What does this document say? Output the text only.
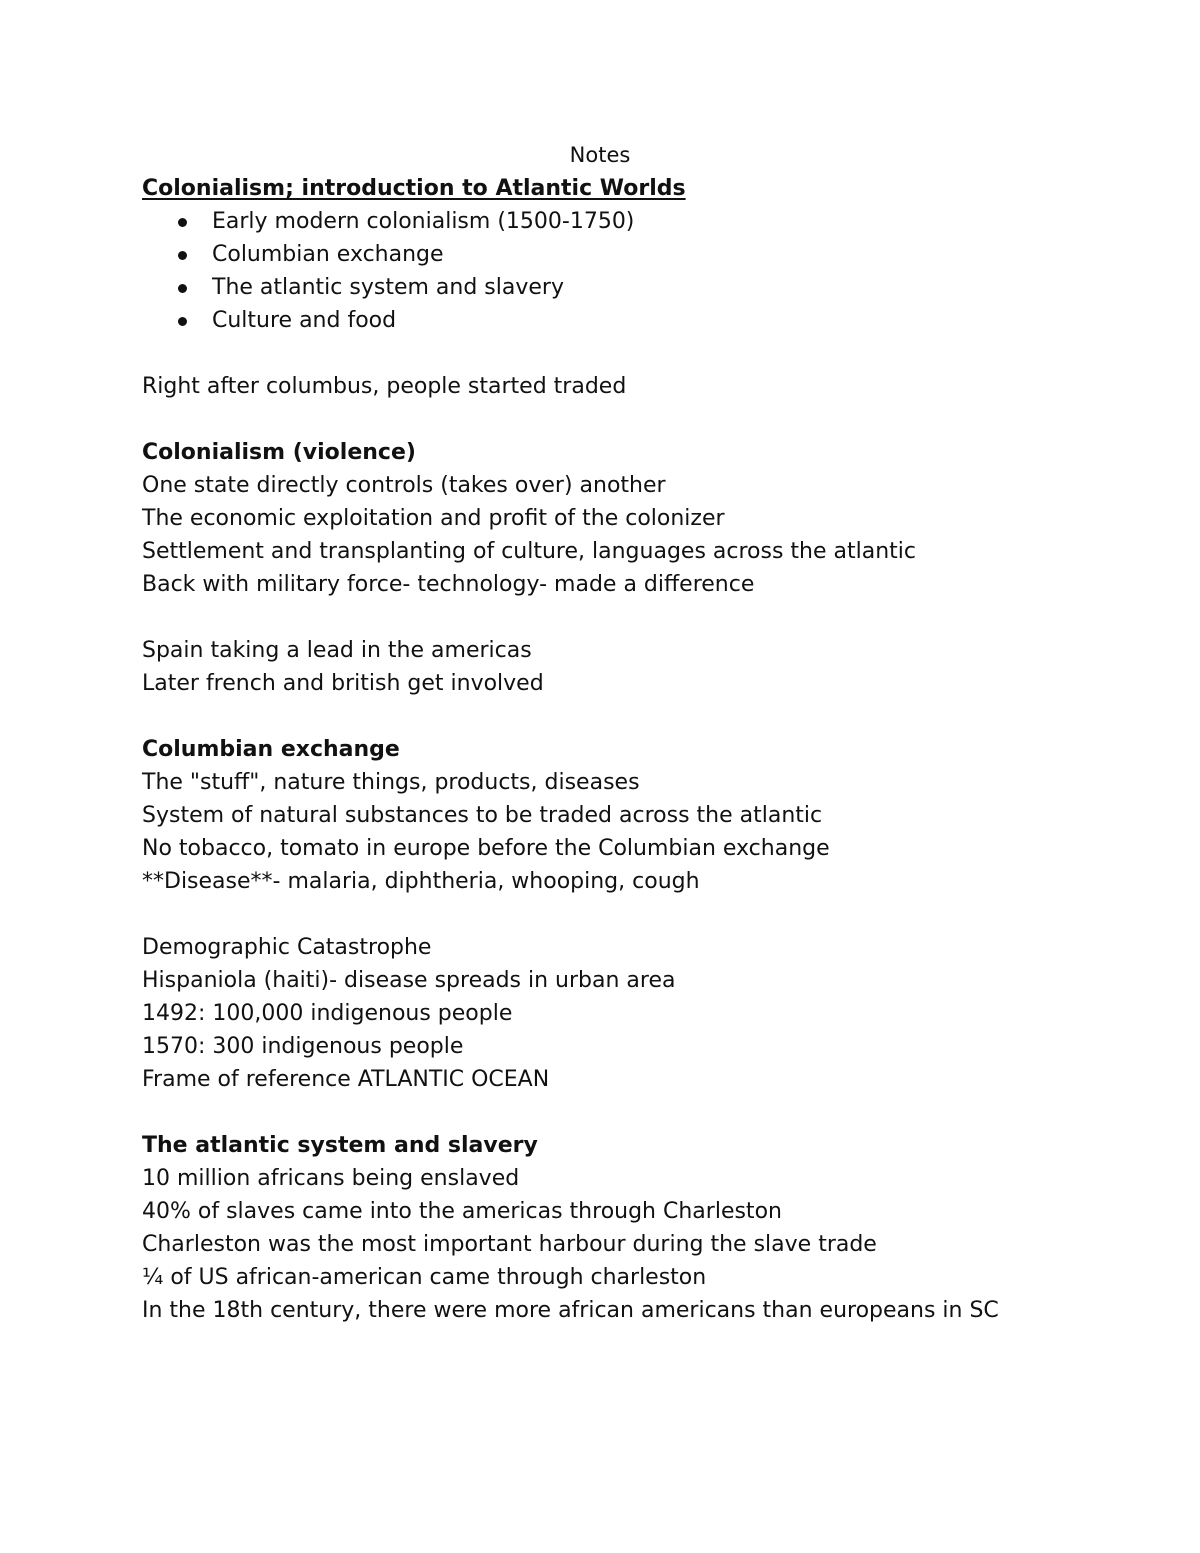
Notes
Colonialism; introduction to Atlantic Worlds
Early modern colonialism (1500-1750)
Columbian exchange
The atlantic system and slavery
Culture and food
Right after columbus, people started traded
Colonialism (violence)
One state directly controls (takes over) another
The economic exploitation and profit of the colonizer
Settlement and transplanting of culture, languages across the atlantic
Back with military force- technology- made a difference
Spain taking a lead in the americas
Later french and british get involved
Columbian exchange
The "stuff", nature things, products, diseases
System of natural substances to be traded across the atlantic
No tobacco, tomato in europe before the Columbian exchange
**Disease**- malaria, diphtheria, whooping, cough
Demographic Catastrophe
Hispaniola (haiti)- disease spreads in urban area
1492: 100,000 indigenous people
1570: 300 indigenous people
Frame of reference ATLANTIC OCEAN
The atlantic system and slavery
10 million africans being enslaved
40% of slaves came into the americas through Charleston
Charleston was the most important harbour during the slave trade
¼ of US african-american came through charleston
In the 18th century, there were more african americans than europeans in SC
